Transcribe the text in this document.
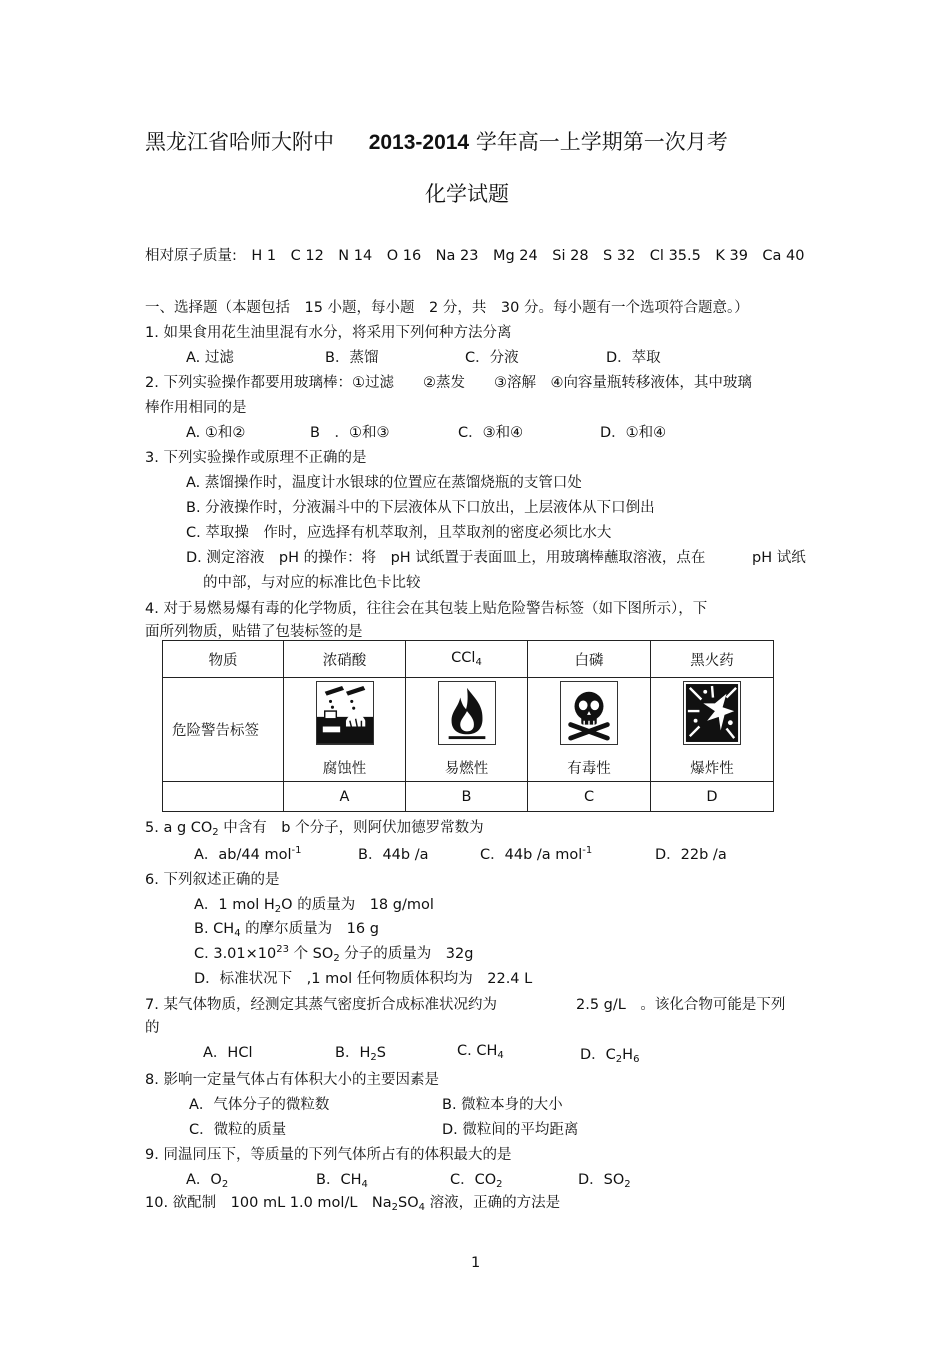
黑龙江省哈师大附中 2013-2014 学年高一上学期第一次月考
化学试题
相对原子质量:　H 1　C 12　N 14　O 16　Na 23　Mg 24　Si 28　S 32　Cl 35.5　K 39　Ca 40
一、选择题（本题包括　15 小题，每小题　2 分，共　30 分。每小题有一个选项符合题意。）
1. 如果食用花生油里混有水分，将采用下列何种方法分离
A. 过滤	B．蒸馏	C．分液	D．萃取
2. 下列实验操作都要用玻璃棒：①过滤　　②蒸发　　③溶解　④向容量瓶转移液体，其中玻璃
棒作用相同的是
A. ①和②	B　．①和③	C．③和④	D．①和④
3. 下列实验操作或原理不正确的是
A. 蒸馏操作时，温度计水银球的位置应在蒸馏烧瓶的支管口处
B. 分液操作时，分液漏斗中的下层液体从下口放出，上层液体从下口倒出
C. 萃取操　作时，应选择有机萃取剂，且萃取剂的密度必须比水大
D. 测定溶液　pH 的操作：将　pH 试纸置于表面皿上，用玻璃棒蘸取溶液，点在	pH 试纸
的中部，与对应的标准比色卡比较
4. 对于易燃易爆有毒的化学物质，往往会在其包装上贴危险警告标签（如下图所示），下
面所列物质，贴错了包装标签的是
物质	浓硝酸	CCl$_4$	白磷	黑火药
危险警告标签	腐蚀性	易燃性	有毒性	爆炸性

	A	B	C	D
5. a g $CO_2$ 中含有　b 个分子，则阿伏加德罗常数为
A．ab/44 mol$^{-1}$	B．44b /a	C．44b /a mol$^{-1}$	D．22b /a
6. 下列叙述正确的是
A．1 mol $H_2O$ 的质量为　18 g/mol
B. $CH_4$ 的摩尔质量为　16 g
C. $3.01\times 10^{23}$ 个 $SO_2$ 分子的质量为　32g
D．标准状况下　,1 mol 任何物质体积均为　22.4 L
7. 某气体物质，经测定其蒸气密度折合成标准状况约为	2.5 g/L　。该化合物可能是下列
的
A．HCl	B．$H_2S$	C. $CH_4$	D．$C_2H_6$
8. 影响一定量气体占有体积大小的主要因素是
A．气体分子的微粒数	B. 微粒本身的大小
C．微粒的质量	D. 微粒间的平均距离
9. 同温同压下，等质量的下列气体所占有的体积最大的是
A．$O_2$	B．$CH_4$	C．$CO_2$	D．$SO_2$
10. 欲配制　100 mL 1.0 mol/L　$Na_2SO_4$ 溶液，正确的方法是
1
